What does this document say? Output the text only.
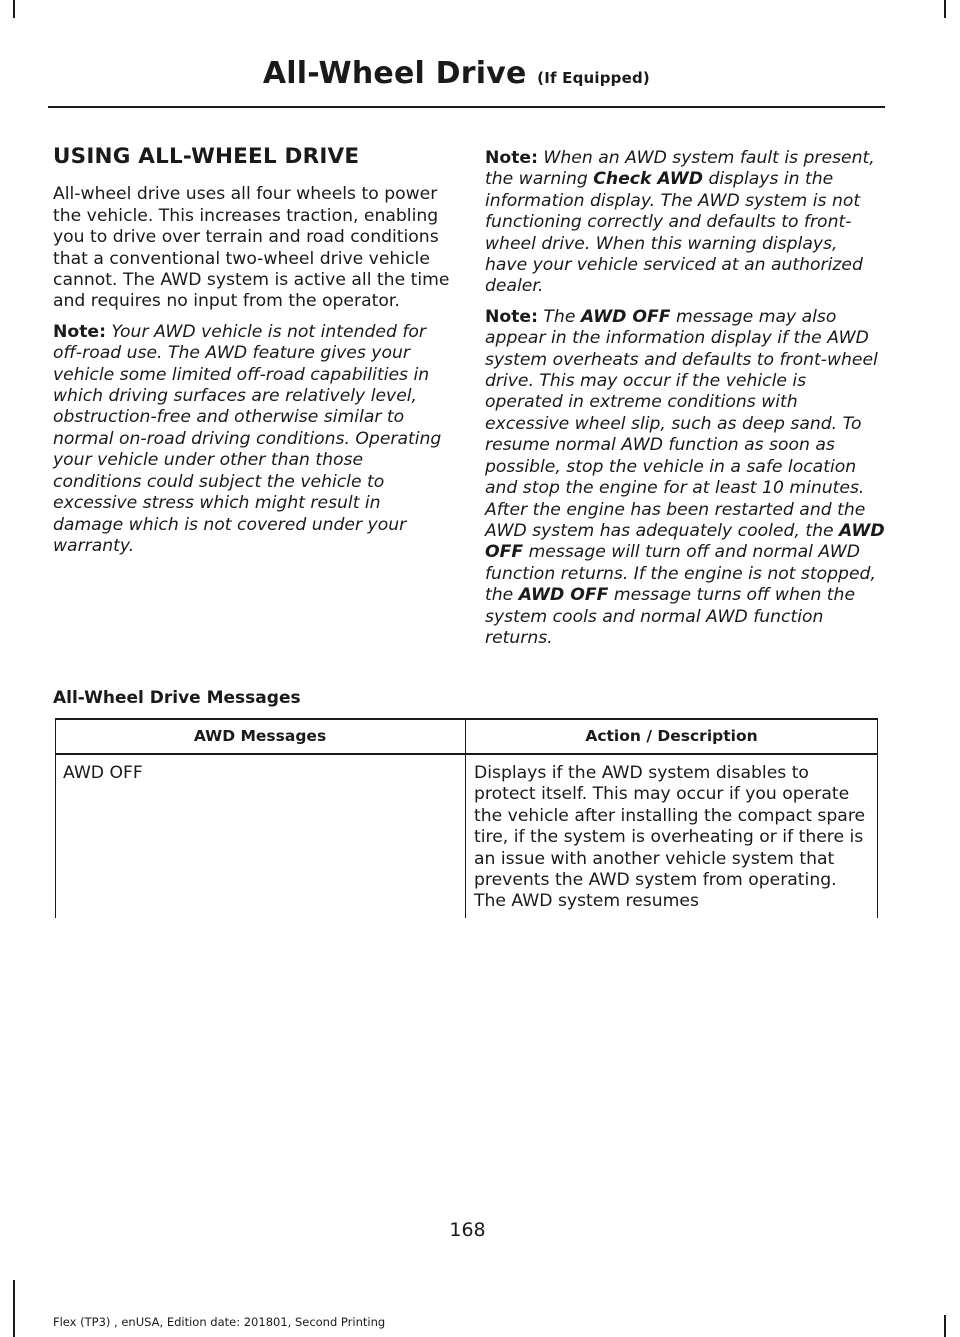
All-Wheel Drive (If Equipped)
USING ALL-WHEEL DRIVE

All-wheel drive uses all four wheels to power the vehicle. This increases traction, enabling you to drive over terrain and road conditions that a conventional two-wheel drive vehicle cannot. The AWD system is active all the time and requires no input from the operator.

Note: Your AWD vehicle is not intended for off-road use. The AWD feature gives your vehicle some limited off-road capabilities in which driving surfaces are relatively level, obstruction-free and otherwise similar to normal on-road driving conditions. Operating your vehicle under other than those conditions could subject the vehicle to excessive stress which might result in damage which is not covered under your warranty.

Note: When an AWD system fault is present, the warning Check AWD displays in the information display. The AWD system is not functioning correctly and defaults to front-wheel drive. When this warning displays, have your vehicle serviced at an authorized dealer.

Note: The AWD OFF message may also appear in the information display if the AWD system overheats and defaults to front-wheel drive. This may occur if the vehicle is operated in extreme conditions with excessive wheel slip, such as deep sand. To resume normal AWD function as soon as possible, stop the vehicle in a safe location and stop the engine for at least 10 minutes. After the engine has been restarted and the AWD system has adequately cooled, the AWD OFF message will turn off and normal AWD function returns. If the engine is not stopped, the AWD OFF message turns off when the system cools and normal AWD function returns.

All-Wheel Drive Messages
AWD Messages	Action / Description
AWD OFF	Displays if the AWD system disables to protect itself. This may occur if you operate the vehicle after installing the compact spare tire, if the system is overheating or if there is an issue with another vehicle system that prevents the AWD system from operating. The AWD system resumes
168
Flex (TP3) , enUSA, Edition date: 201801, Second Printing
